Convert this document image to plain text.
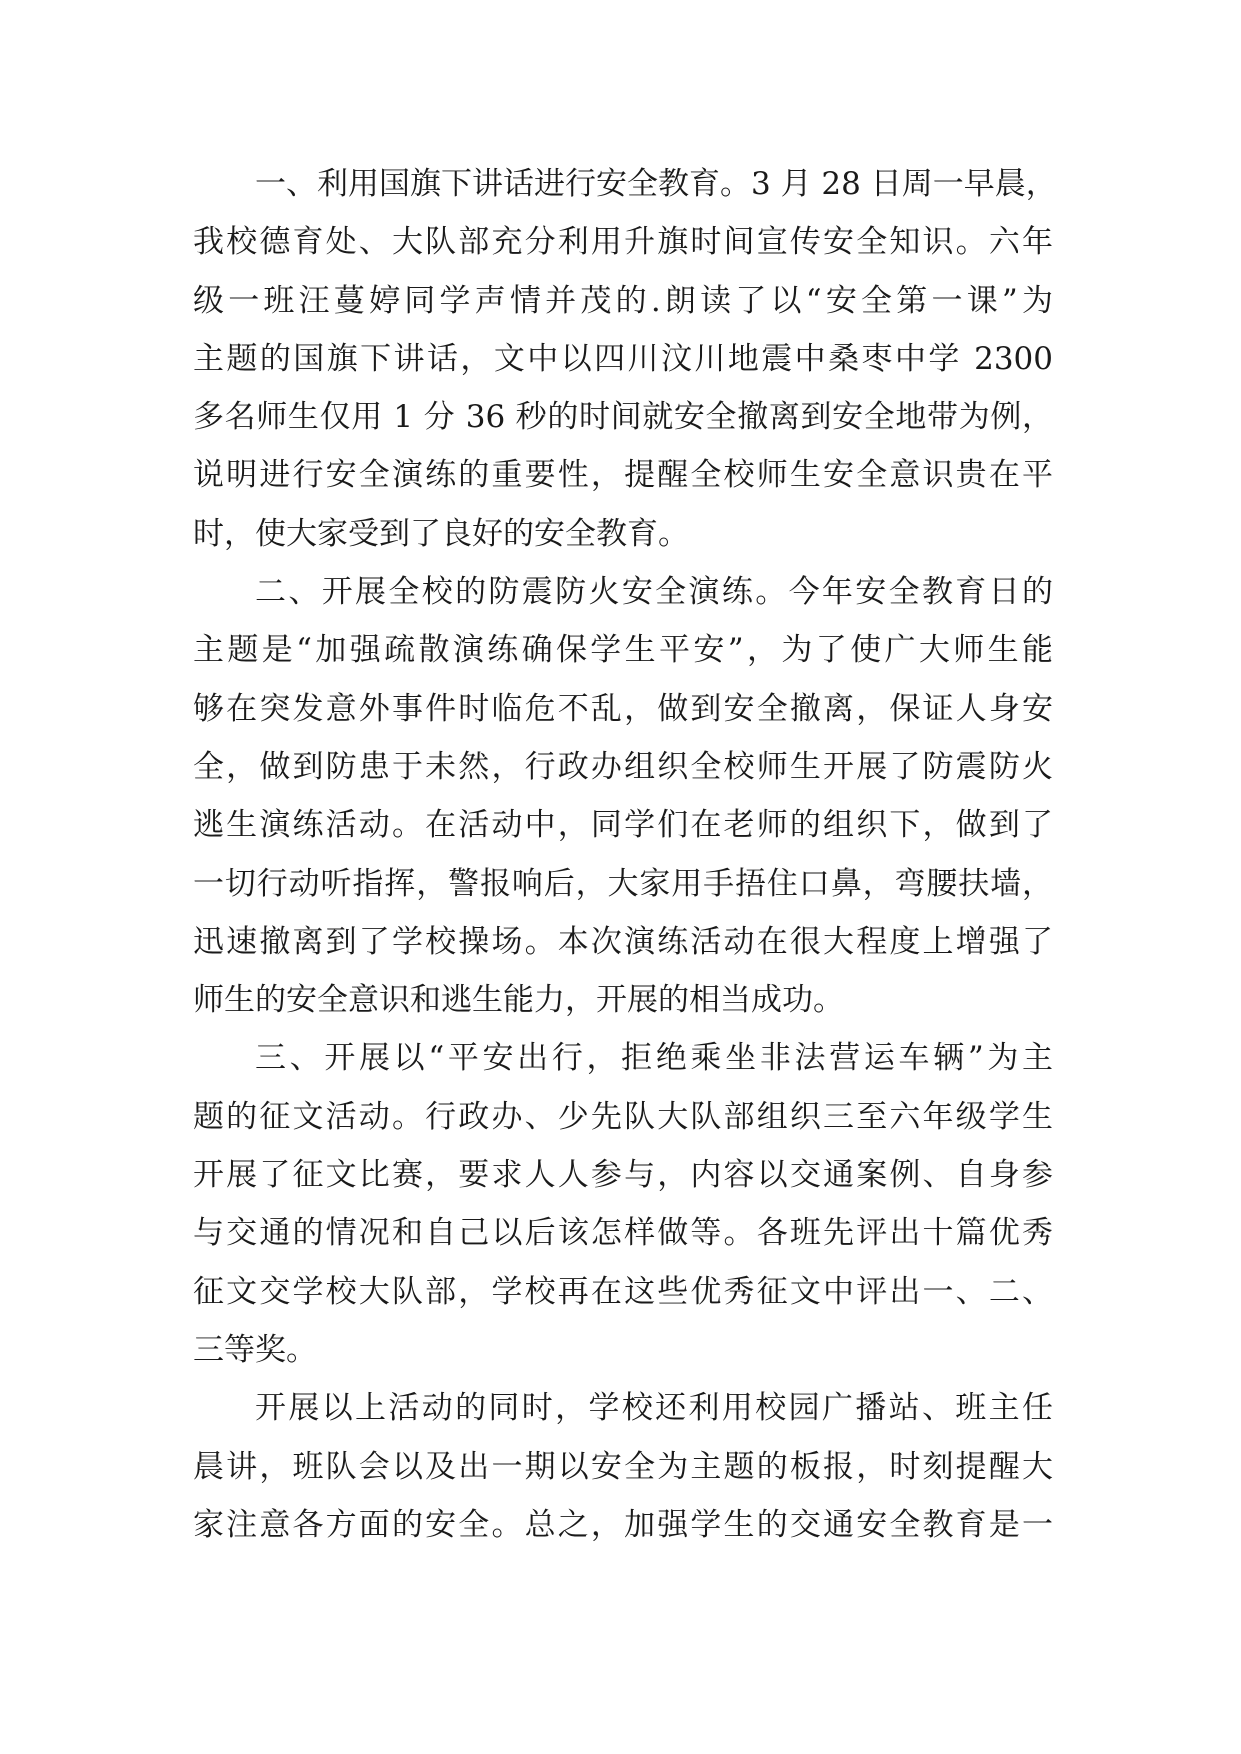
一、利用国旗下讲话进行安全教育。3 月 28 日周一早晨，
我校德育处、大队部充分利用升旗时间宣传安全知识。六年
级一班汪蔓婷同学声情并茂的.朗读了以“安全第一课”为
主题的国旗下讲话，文中以四川汶川地震中桑枣中学 2300
多名师生仅用 1 分 36 秒的时间就安全撤离到安全地带为例，
说明进行安全演练的重要性，提醒全校师生安全意识贵在平
时，使大家受到了良好的安全教育。
二、开展全校的防震防火安全演练。今年安全教育日的
主题是“加强疏散演练确保学生平安”，为了使广大师生能
够在突发意外事件时临危不乱，做到安全撤离，保证人身安
全，做到防患于未然，行政办组织全校师生开展了防震防火
逃生演练活动。在活动中，同学们在老师的组织下，做到了
一切行动听指挥，警报响后，大家用手捂住口鼻，弯腰扶墙，
迅速撤离到了学校操场。本次演练活动在很大程度上增强了
师生的安全意识和逃生能力，开展的相当成功。
三、开展以“平安出行，拒绝乘坐非法营运车辆”为主
题的征文活动。行政办、少先队大队部组织三至六年级学生
开展了征文比赛，要求人人参与，内容以交通案例、自身参
与交通的情况和自己以后该怎样做等。各班先评出十篇优秀
征文交学校大队部，学校再在这些优秀征文中评出一、二、
三等奖。
开展以上活动的同时，学校还利用校园广播站、班主任
晨讲，班队会以及出一期以安全为主题的板报，时刻提醒大
家注意各方面的安全。总之，加强学生的交通安全教育是一
